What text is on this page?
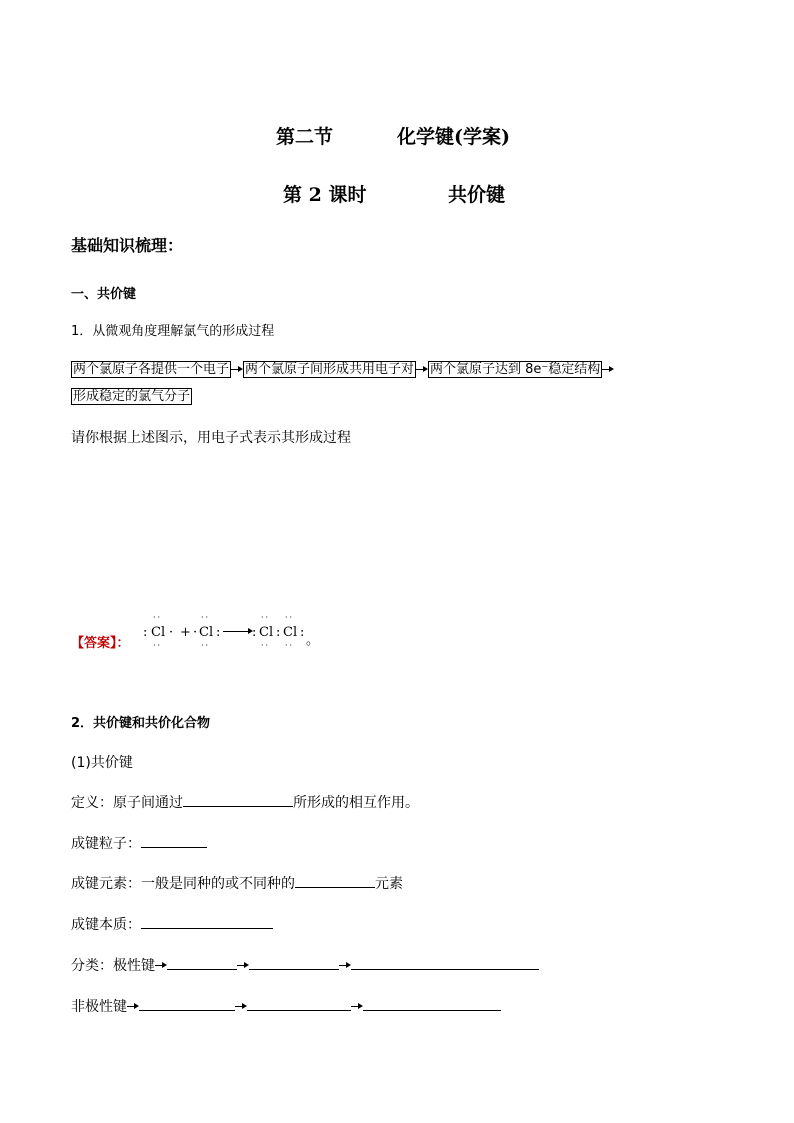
第二节	化学键(学案)
第 2 课时	共价键
基础知识梳理：
一、共价键
1．从微观角度理解氯气的形成过程
两个氯原子各提供一个电子 两个氯原子间形成共用电子对 两个氯原子达到 8e⁻稳定结构
形成稳定的氯气分子
请你根据上述图示，用电子式表示其形成过程
【答案】：
··
: Cl ·
··
+
··
· Cl :
··
·· ··
: Cl : Cl :
·· ·· 。
2．共价键和共价化合物
(1)共价键
定义：原子间通过	所形成的相互作用。
成键粒子：
成键元素：一般是同种的或不同种的	元素
成键本质：
分类：极性键
非极性键
